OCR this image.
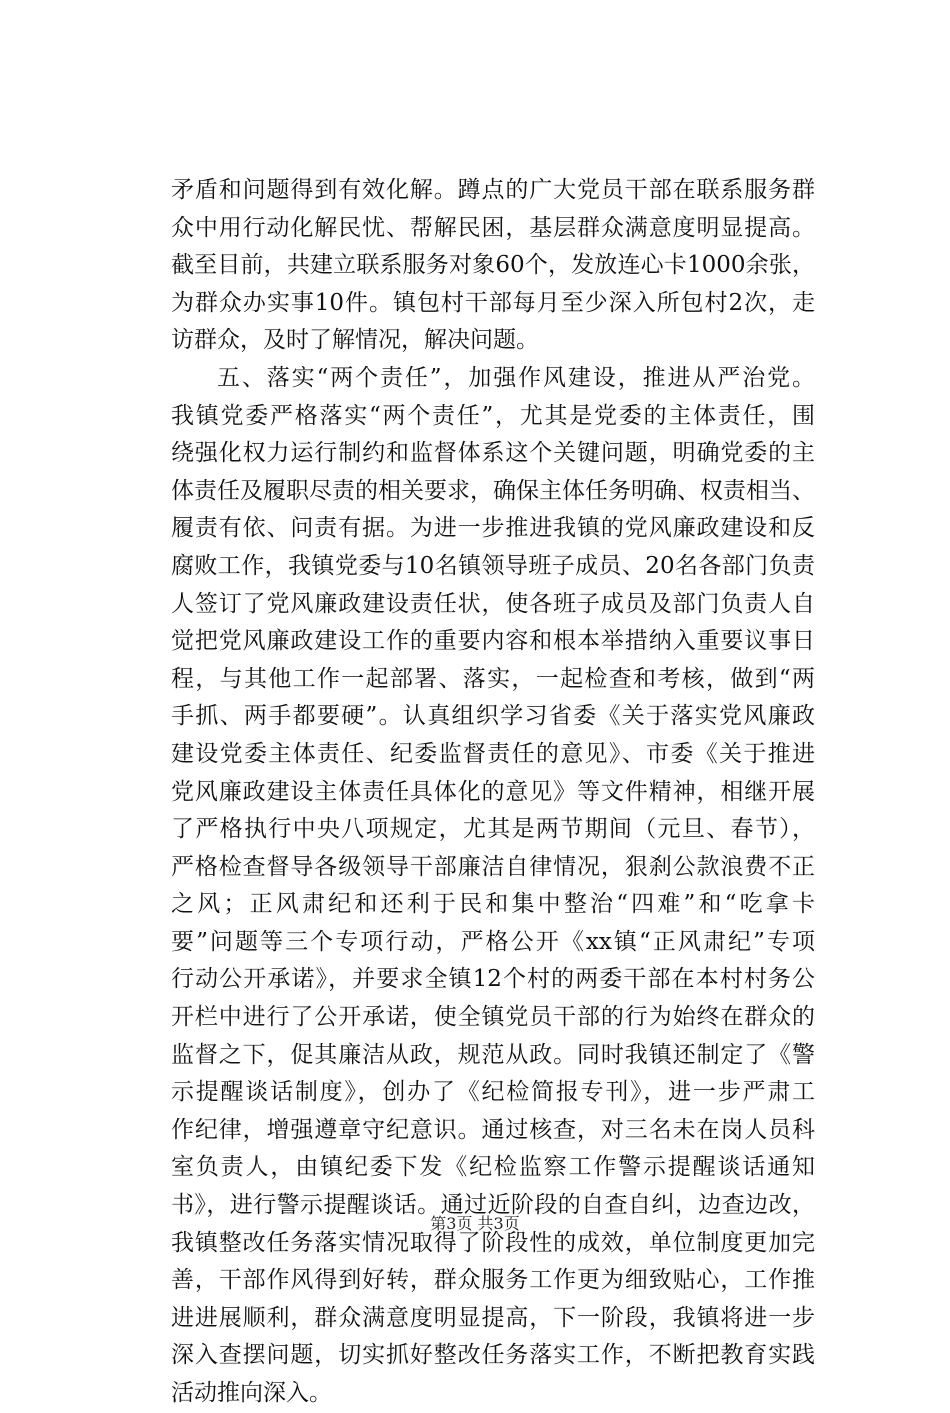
矛盾和问题得到有效化解。蹲点的广大党员干部在联系服务群
众中用行动化解民忧、帮解民困，基层群众满意度明显提高。
截至目前，共建立联系服务对象60个，发放连心卡1000余张，
为群众办实事10件。镇包村干部每月至少深入所包村2次，走
访群众，及时了解情况，解决问题。
五、落实“两个责任”，加强作风建设，推进从严治党。
我镇党委严格落实“两个责任”，尤其是党委的主体责任，围
绕强化权力运行制约和监督体系这个关键问题，明确党委的主
体责任及履职尽责的相关要求，确保主体任务明确、权责相当、
履责有依、问责有据。为进一步推进我镇的党风廉政建设和反
腐败工作，我镇党委与10名镇领导班子成员、20名各部门负责
人签订了党风廉政建设责任状，使各班子成员及部门负责人自
觉把党风廉政建设工作的重要内容和根本举措纳入重要议事日
程，与其他工作一起部署、落实，一起检查和考核，做到“两
手抓、两手都要硬”。认真组织学习省委《关于落实党风廉政
建设党委主体责任、纪委监督责任的意见》、市委《关于推进
党风廉政建设主体责任具体化的意见》等文件精神，相继开展
了严格执行中央八项规定，尤其是两节期间（元旦、春节），
严格检查督导各级领导干部廉洁自律情况，狠刹公款浪费不正
之风；正风肃纪和还利于民和集中整治“四难”和“吃拿卡
要”问题等三个专项行动，严格公开《xx镇“正风肃纪”专项
行动公开承诺》，并要求全镇12个村的两委干部在本村村务公
开栏中进行了公开承诺，使全镇党员干部的行为始终在群众的
监督之下，促其廉洁从政，规范从政。同时我镇还制定了《警
示提醒谈话制度》，创办了《纪检简报专刊》，进一步严肃工
作纪律，增强遵章守纪意识。通过核查，对三名未在岗人员科
室负责人，由镇纪委下发《纪检监察工作警示提醒谈话通知
书》，进行警示提醒谈话。通过近阶段的自查自纠，边查边改，
我镇整改任务落实情况取得了阶段性的成效，单位制度更加完
善，干部作风得到好转，群众服务工作更为细致贴心，工作推
进进展顺利，群众满意度明显提高，下一阶段，我镇将进一步
深入查摆问题，切实抓好整改任务落实工作，不断把教育实践
活动推向深入。
第3页 共3页
